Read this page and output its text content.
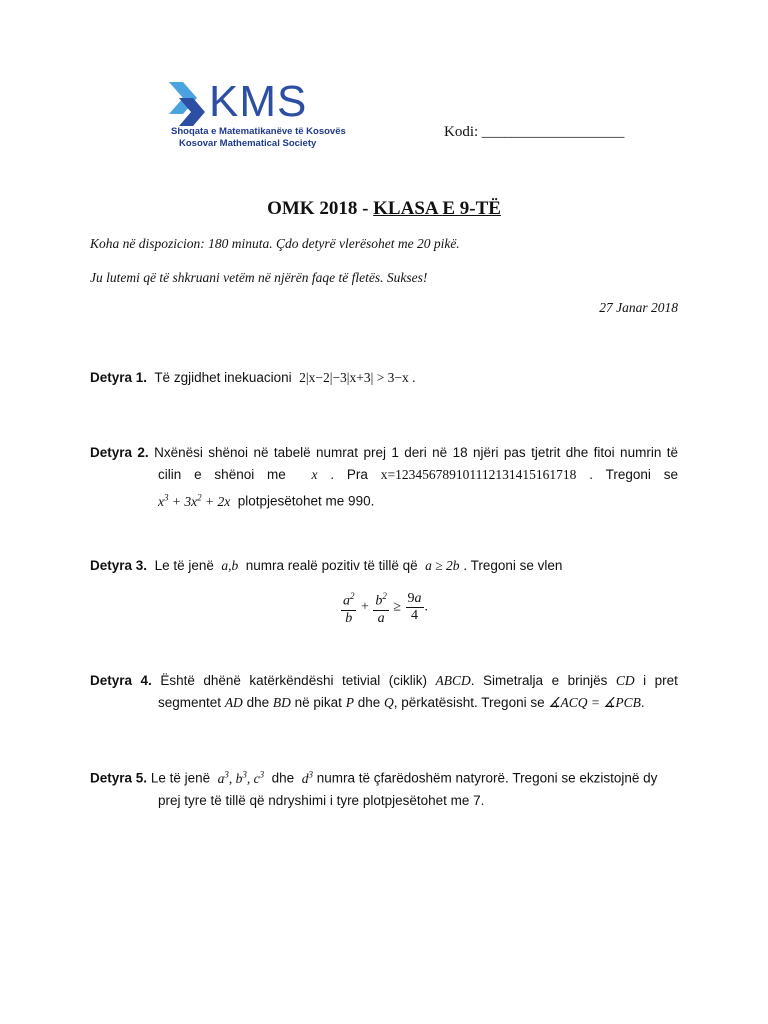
KMS
Shoqata e Matematikanëve të Kosovës
Kosovar Mathematical Society
Kodi: ___________________
OMK 2018 - KLASA E 9-TË
Koha në dispozicion: 180 minuta. Çdo detyrë vlerësohet me 20 pikë.
Ju lutemi që të shkruani vetëm në njërën faqe të fletës. Sukses!
27 Janar 2018
Detyra 1. Të zgjidhet inekuacioni 2|x−2|−3|x+3| > 3−x .
Detyra 2. Nxënësi shënoi në tabelë numrat prej 1 deri në 18 njëri pas tjetrit dhe fitoi numrin të
cilin e shënoi me x . Pra x=123456789101112131415161718 . Tregoni se
$x^3 + 3x^2 + 2x$ plotpjesëtohet me 990.
Detyra 3. Le të jenë a,b numra realë pozitiv të tillë që a ≥ 2b . Tregoni se vlen
$\frac{a^2}{b} + \frac{b^2}{a} \ge \frac{9a}{4}$ .
Detyra 4. Është dhënë katërkëndëshi tetivial (ciklik) ABCD. Simetralja e brinjës CD i pret
segmentet AD dhe BD në pikat P dhe Q, përkatësisht. Tregoni se ∡ACQ = ∡PCB.
Detyra 5. Le të jenë $a^3$, $b^3$, $c^3$ dhe $d^3$ numra të çfarëdoshëm natyrorë. Tregoni se ekzistojnë dy
prej tyre të tillë që ndryshimi i tyre plotpjesëtohet me 7.
